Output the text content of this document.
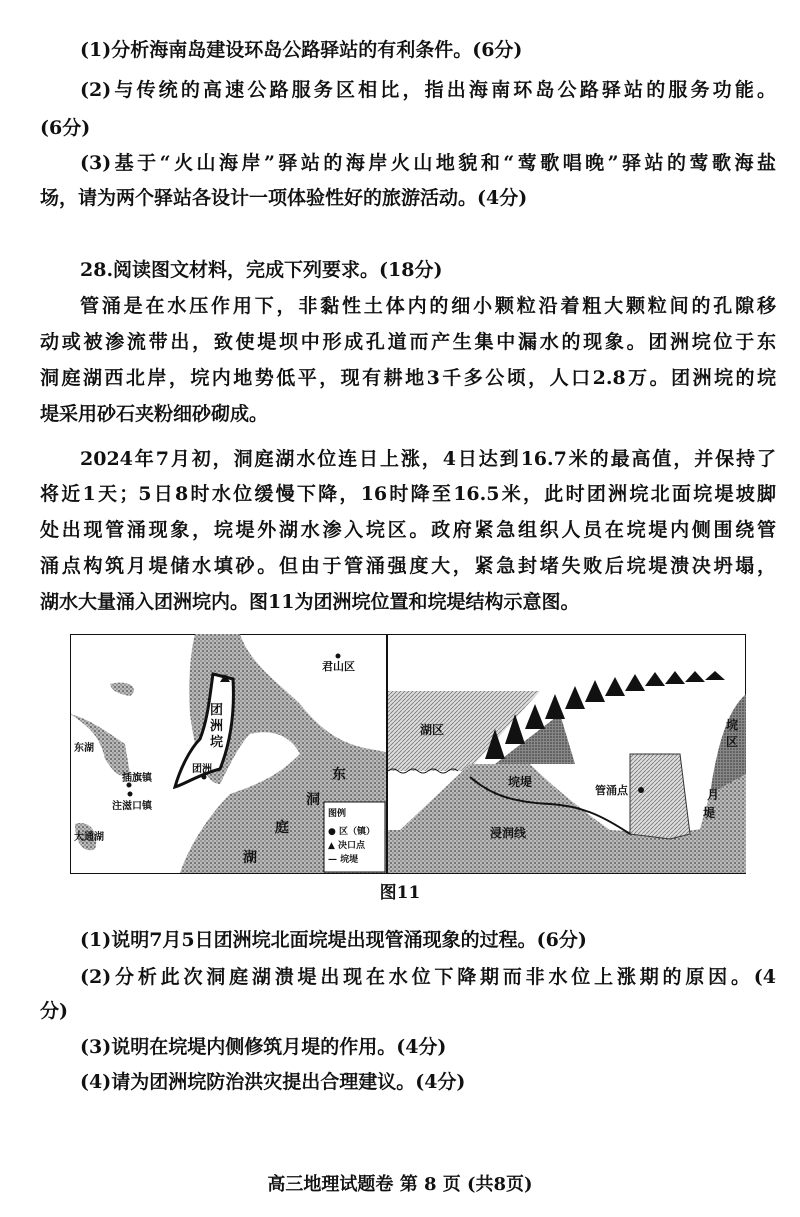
(1)分析海南岛建设环岛公路驿站的有利条件。(6分)
(2)与传统的高速公路服务区相比，指出海南环岛公路驿站的服务功能。
(6分)
(3)基于“火山海岸”驿站的海岸火山地貌和“莺歌唱晚”驿站的莺歌海盐
场，请为两个驿站各设计一项体验性好的旅游活动。(4分)
28.阅读图文材料，完成下列要求。(18分)
管涌是在水压作用下，非黏性土体内的细小颗粒沿着粗大颗粒间的孔隙移
动或被渗流带出，致使堤坝中形成孔道而产生集中漏水的现象。团洲垸位于东
洞庭湖西北岸，垸内地势低平，现有耕地3千多公顷，人口2.8万。团洲垸的垸
堤采用砂石夹粉细砂砌成。
2024年7月初，洞庭湖水位连日上涨，4日达到16.7米的最高值，并保持了
将近1天；5日8时水位缓慢下降，16时降至16.5米，此时团洲垸北面垸堤坡脚
处出现管涌现象，垸堤外湖水渗入垸区。政府紧急组织人员在垸堤内侧围绕管
涌点构筑月堤储水填砂。但由于管涌强度大，紧急封堵失败后垸堤溃决坍塌，
湖水大量涌入团洲垸内。图11为团洲垸位置和垸堤结构示意图。
君山区
团
洲
垸
团洲
东湖
插旗镇
注滋口镇
大通湖
东
洞
庭
湖
图例
● 区（镇）
▲ 决口点
— 垸堤
湖区
垸堤
浸润线
管涌点
垸
区
月
堤
图11
(1)说明7月5日团洲垸北面垸堤出现管涌现象的过程。(6分)
(2)分析此次洞庭湖溃堤出现在水位下降期而非水位上涨期的原因。(4
分)
(3)说明在垸堤内侧修筑月堤的作用。(4分)
(4)请为团洲垸防治洪灾提出合理建议。(4分)
高三地理试题卷 第 8 页 (共8页)
